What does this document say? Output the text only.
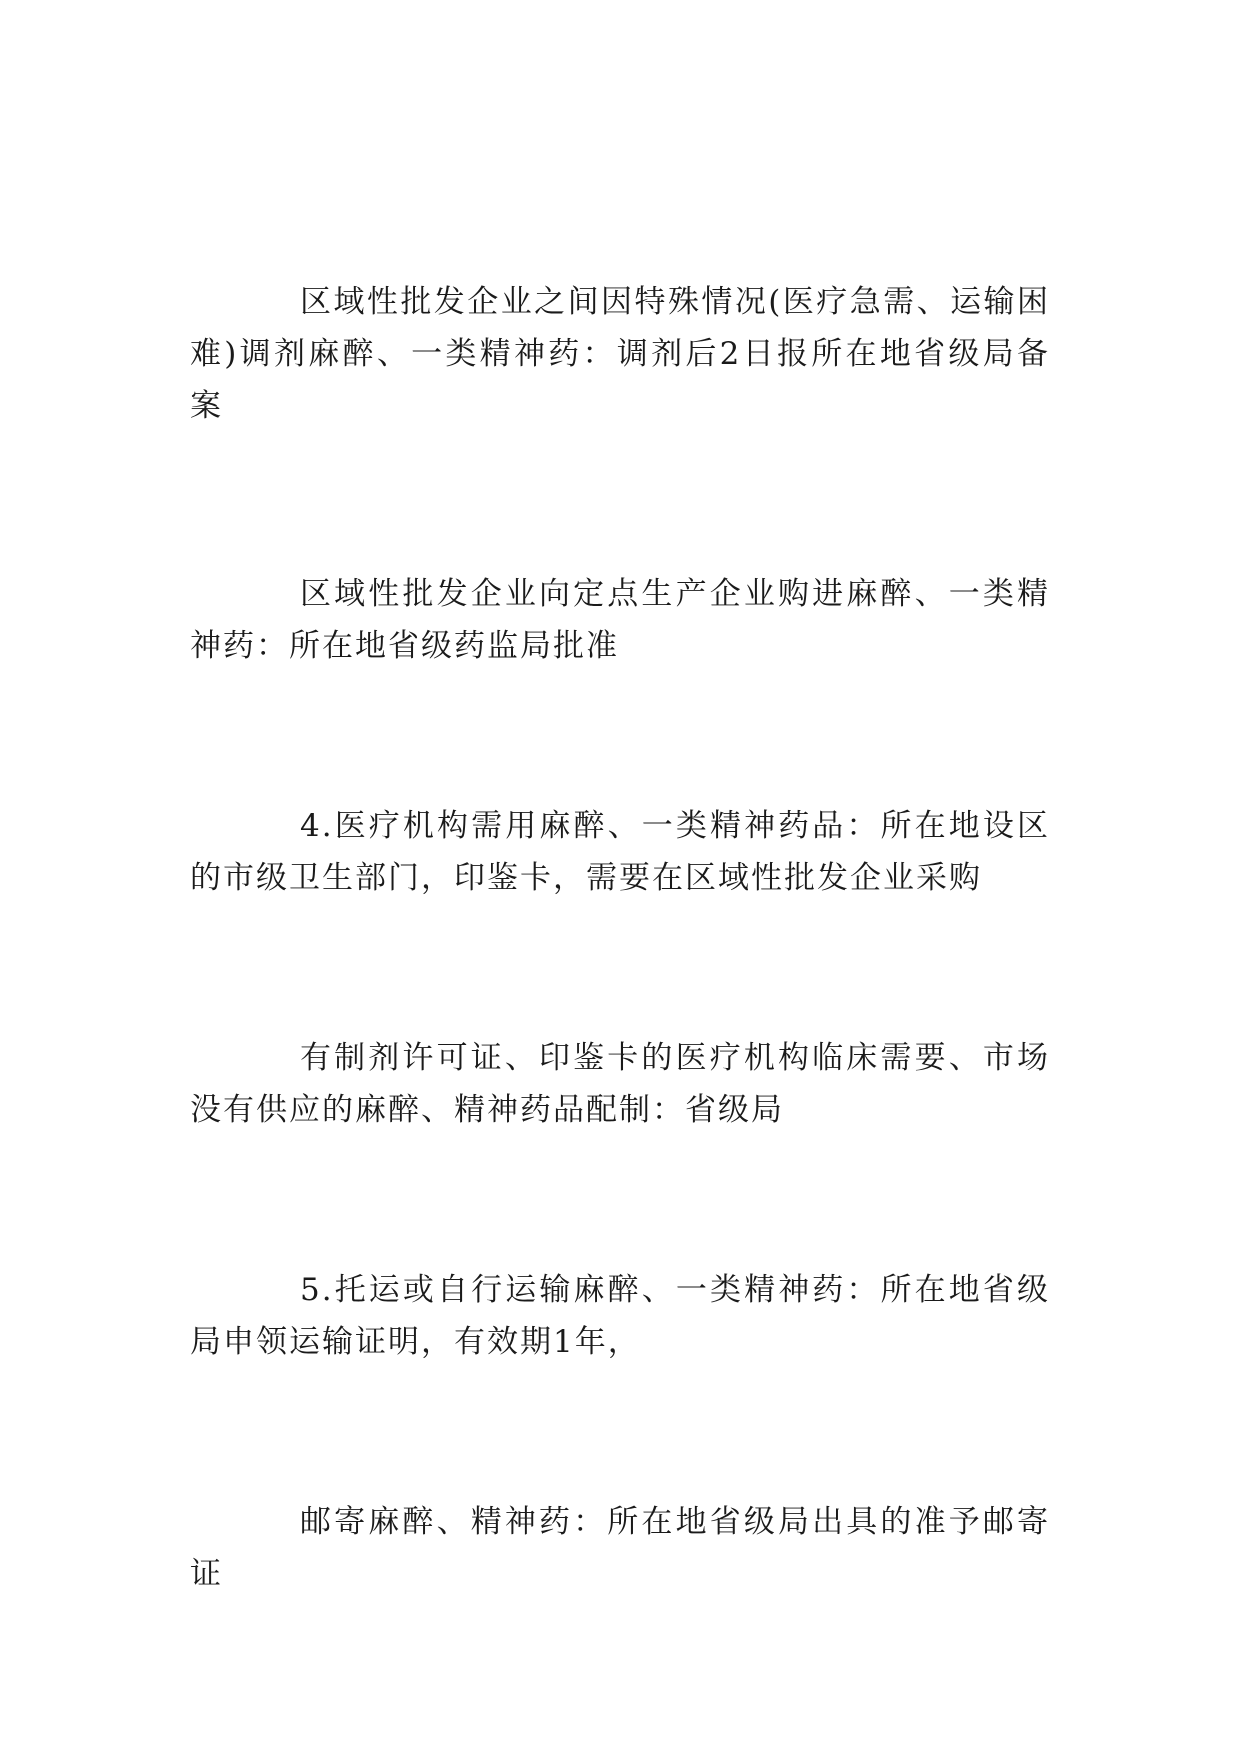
区域性批发企业之间因特殊情况(医疗急需、运输困难)调剂麻醉、一类精神药：调剂后2日报所在地省级局备案

区域性批发企业向定点生产企业购进麻醉、一类精神药：所在地省级药监局批准

4.医疗机构需用麻醉、一类精神药品：所在地设区的市级卫生部门，印鉴卡，需要在区域性批发企业采购

有制剂许可证、印鉴卡的医疗机构临床需要、市场没有供应的麻醉、精神药品配制：省级局

5.托运或自行运输麻醉、一类精神药：所在地省级局申领运输证明，有效期1年，

邮寄麻醉、精神药：所在地省级局出具的准予邮寄证
